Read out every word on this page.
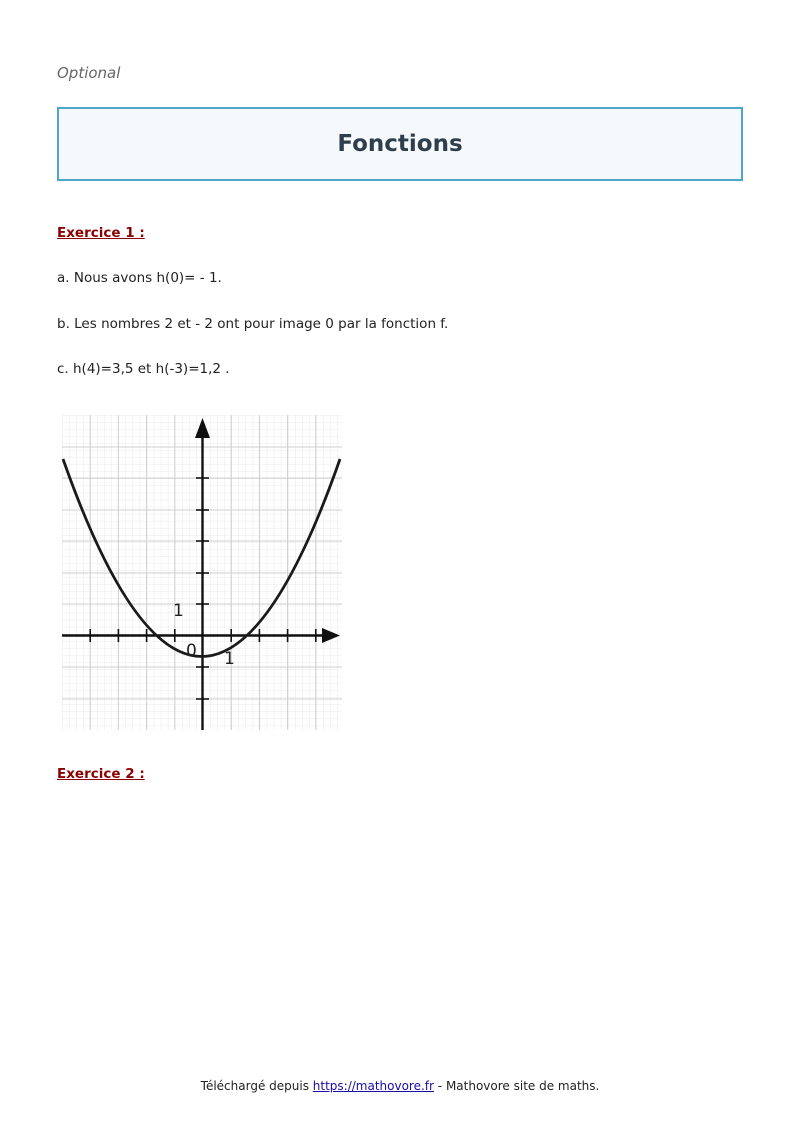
Optional
Fonctions
Exercice 1 :
a. Nous avons h(0)= - 1.
b. Les nombres 2 et - 2 ont pour image 0 par la fonction f.
c. h(4)=3,5 et h(-3)=1,2 .
1
0 1
Exercice 2 :
Téléchargé depuis https://mathovore.fr - Mathovore site de maths.
